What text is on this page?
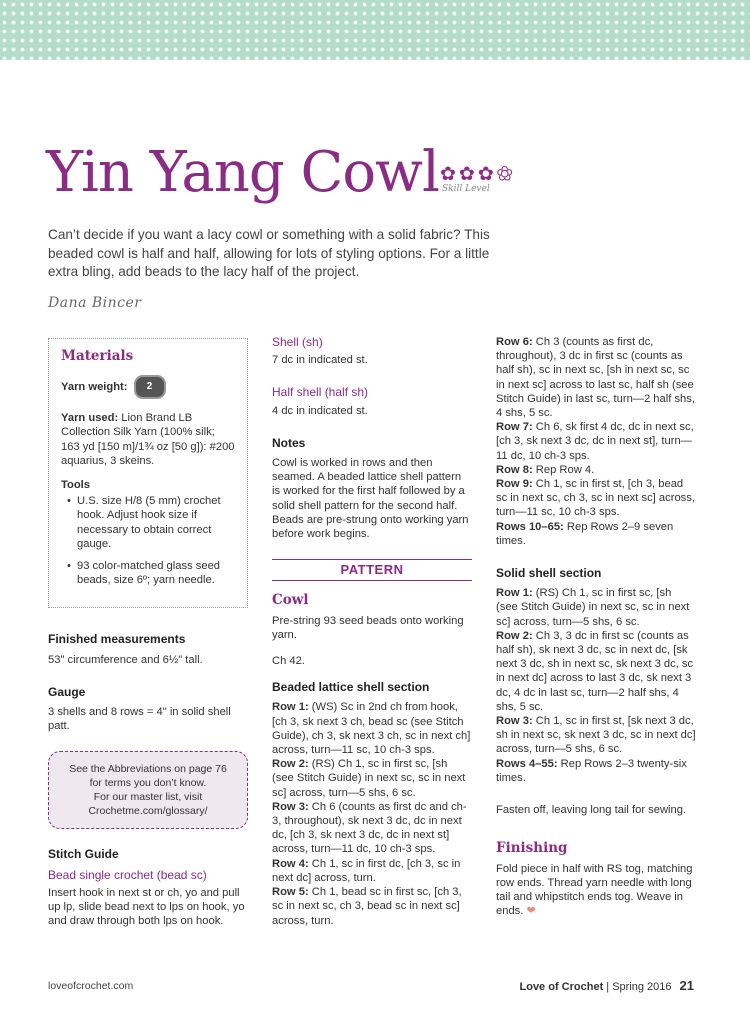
Yin Yang Cowl ✿ ✿ ✿ ✿
Skill Level
Can’t decide if you want a lacy cowl or something with a solid fabric? This beaded cowl is half and half, allowing for lots of styling options. For a little extra bling, add beads to the lacy half of the project.
Dana Bincer
Materials
Yarn weight:	2

Yarn used: Lion Brand LB Collection Silk Yarn (100% silk; 163 yd [150 m]/1¾ oz [50 g]): #200 aquarius, 3 skeins.

Tools
• U.S. size H/8 (5 mm) crochet hook. Adjust hook size if necessary to obtain correct gauge.
• 93 color-matched glass seed beads, size 6º; yarn needle.
Finished measurements

53" circumference and 6½" tall.

Gauge

3 shells and 8 rows = 4" in solid shell patt.

See the Abbreviations on page 76 for terms you don’t know.
For our master list, visit Crochetme.com/glossary/
Stitch Guide
Bead single crochet (bead sc)

Insert hook in next st or ch, yo and pull up lp, slide bead next to lps on hook, yo and draw through both lps on hook.

Shell (sh)

7 dc in indicated st.

Half shell (half sh)

4 dc in indicated st.

Notes

Cowl is worked in rows and then seamed. A beaded lattice shell pattern is worked for the first half followed by a solid shell pattern for the second half. Beads are pre-strung onto working yarn before work begins.

PATTERN
Cowl

Pre-string 93 seed beads onto working yarn.

Ch 42.

Beaded lattice shell section

Row 1: (WS) Sc in 2nd ch from hook, [ch 3, sk next 3 ch, bead sc (see Stitch Guide), ch 3, sk next 3 ch, sc in next ch] across, turn—11 sc, 10 ch-3 sps.

Row 2: (RS) Ch 1, sc in first sc, [sh (see Stitch Guide) in next sc, sc in next sc] across, turn—5 shs, 6 sc.

Row 3: Ch 6 (counts as first dc and ch-3, throughout), sk next 3 dc, dc in next dc, [ch 3, sk next 3 dc, dc in next st] across, turn—11 dc, 10 ch-3 sps.

Row 4: Ch 1, sc in first dc, [ch 3, sc in next dc] across, turn.

Row 5: Ch 1, bead sc in first sc, [ch 3, sc in next sc, ch 3, bead sc in next sc] across, turn.

Row 6: Ch 3 (counts as first dc, throughout), 3 dc in first sc (counts as half sh), sc in next sc, [sh in next sc, sc in next sc] across to last sc, half sh (see Stitch Guide) in last sc, turn—2 half shs, 4 shs, 5 sc.

Row 7: Ch 6, sk first 4 dc, dc in next sc, [ch 3, sk next 3 dc, dc in next st], turn—11 dc, 10 ch-3 sps.

Row 8: Rep Row 4.

Row 9: Ch 1, sc in first st, [ch 3, bead sc in next sc, ch 3, sc in next sc] across, turn—11 sc, 10 ch-3 sps.

Rows 10–65: Rep Rows 2–9 seven times.

Solid shell section

Row 1: (RS) Ch 1, sc in first sc, [sh (see Stitch Guide) in next sc, sc in next sc] across, turn—5 shs, 6 sc.

Row 2: Ch 3, 3 dc in first sc (counts as half sh), sk next 3 dc, sc in next dc, [sk next 3 dc, sh in next sc, sk next 3 dc, sc in next dc] across to last 3 dc, sk next 3 dc, 4 dc in last sc, turn—2 half shs, 4 shs, 5 sc.

Row 3: Ch 1, sc in first st, [sk next 3 dc, sh in next sc, sk next 3 dc, sc in next dc] across, turn—5 shs, 6 sc.

Rows 4–55: Rep Rows 2–3 twenty-six times.

Fasten off, leaving long tail for sewing.

Finishing

Fold piece in half with RS tog, matching row ends. Thread yarn needle with long tail and whipstitch ends tog. Weave in ends. ❤

loveofcrochet.com	Love of Crochet | Spring 2016 21
